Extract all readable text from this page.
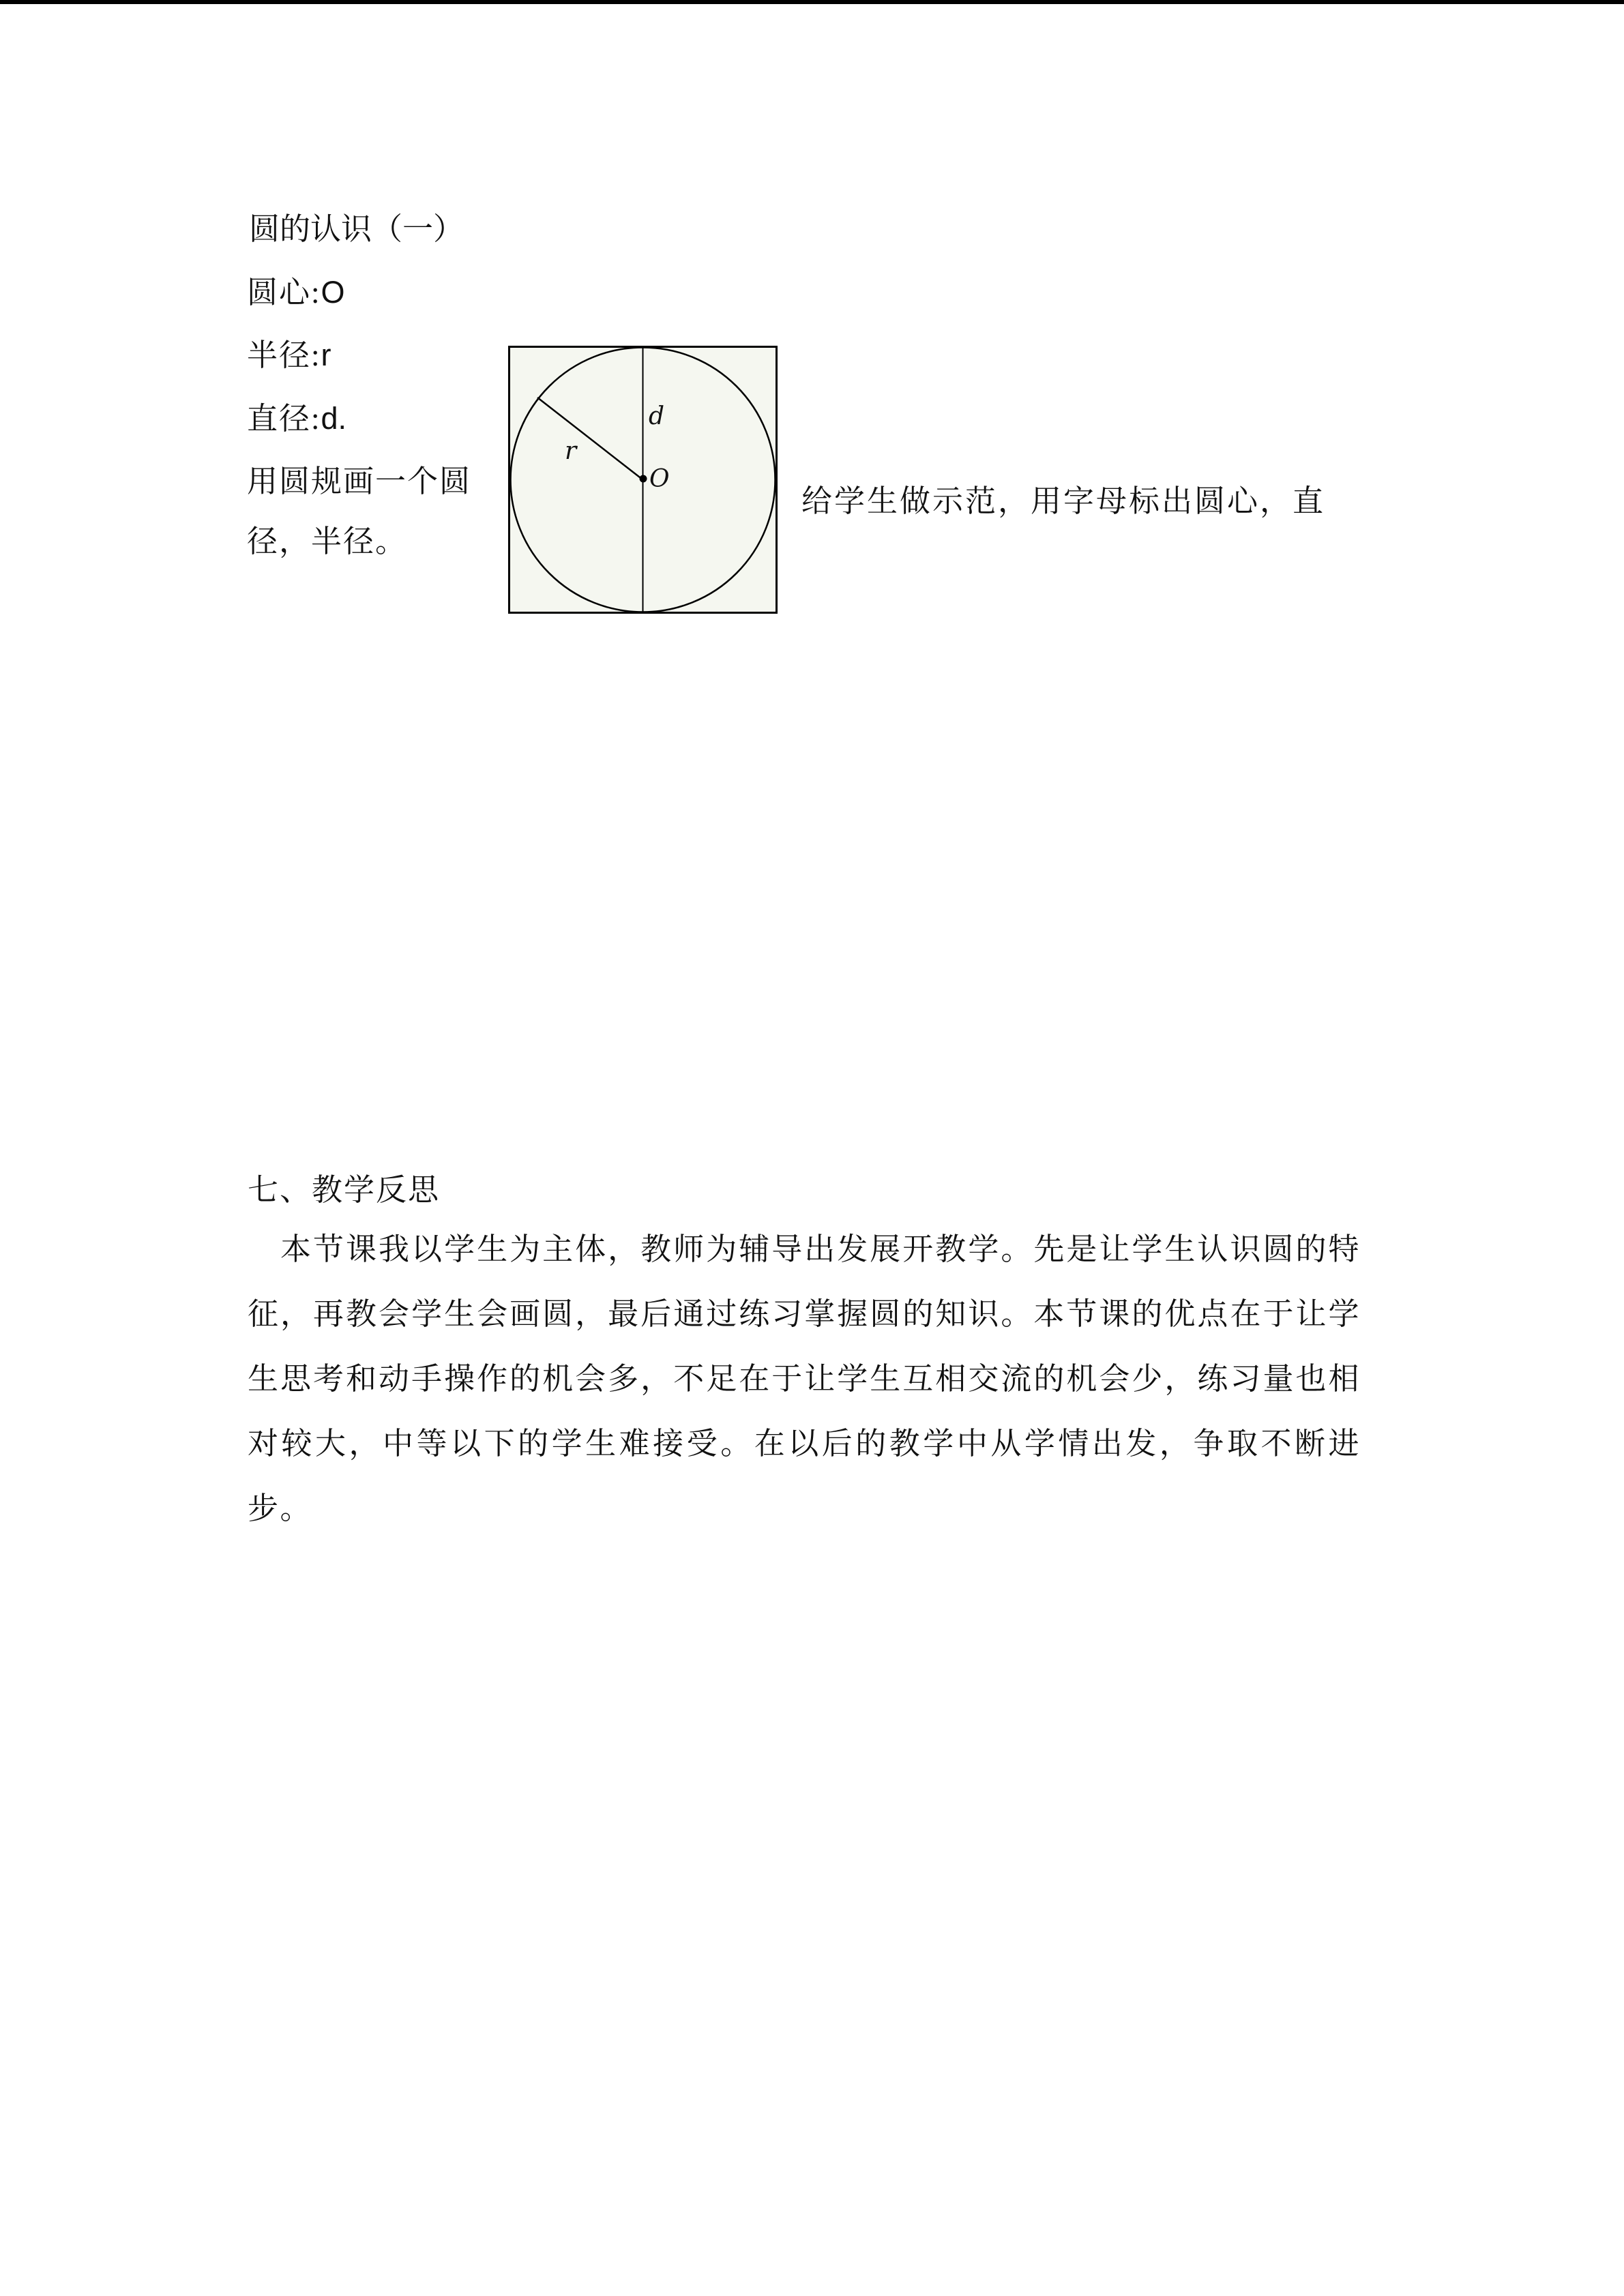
圆的认识（一）
圆心:O
半径:r
直径:d.
用圆规画一个圆
径，半径。
d
r
O
给学生做示范，用字母标出圆心，直
七、教学反思
本节课我以学生为主体，教师为辅导出发展开教学。先是让学生认识圆的特
征，再教会学生会画圆，最后通过练习掌握圆的知识。本节课的优点在于让学
生思考和动手操作的机会多，不足在于让学生互相交流的机会少，练习量也相
对较大，中等以下的学生难接受。在以后的教学中从学情出发，争取不断进
步。
